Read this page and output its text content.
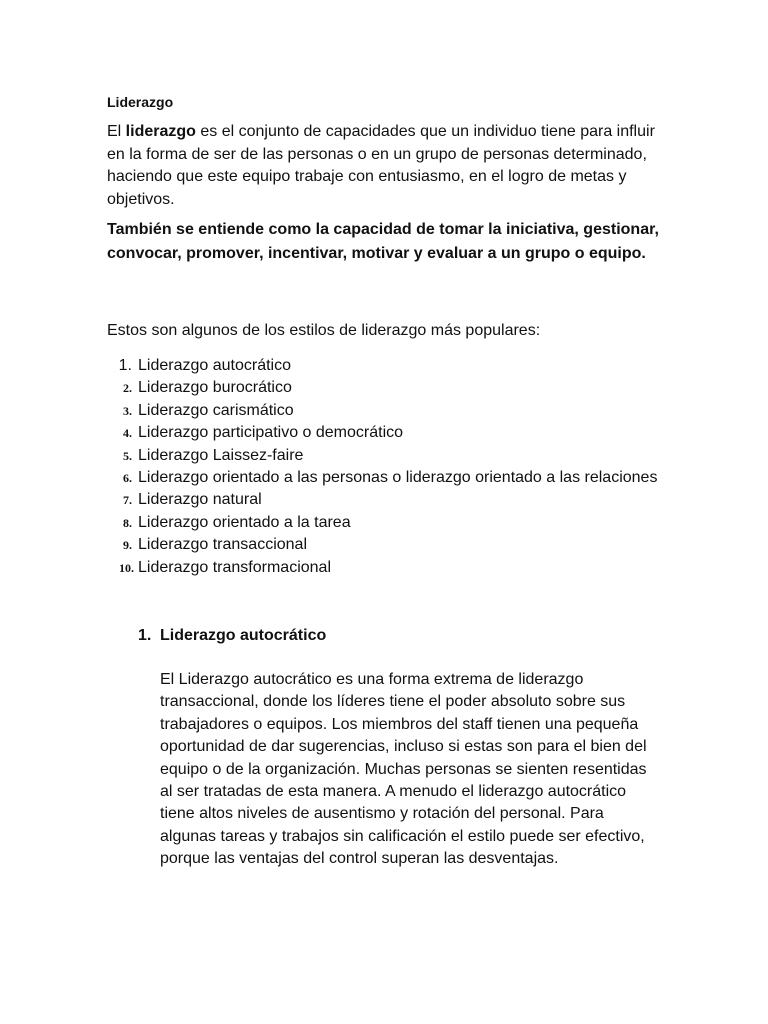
Liderazgo

El liderazgo es el conjunto de capacidades que un individuo tiene para influir en la forma de ser de las personas o en un grupo de personas determinado, haciendo que este equipo trabaje con entusiasmo, en el logro de metas y objetivos.

También se entiende como la capacidad de tomar la iniciativa, gestionar, convocar, promover, incentivar, motivar y evaluar a un grupo o equipo.

Estos son algunos de los estilos de liderazgo más populares:

1. Liderazgo autocrático
2. Liderazgo burocrático
3. Liderazgo carismático
4. Liderazgo participativo o democrático
5. Liderazgo Laissez-faire
6. Liderazgo orientado a las personas o liderazgo orientado a las relaciones
7. Liderazgo natural
8. Liderazgo orientado a la tarea
9. Liderazgo transaccional
10. Liderazgo transformacional
1. Liderazgo autocrático

El Liderazgo autocrático es una forma extrema de liderazgo transaccional, donde los líderes tiene el poder absoluto sobre sus trabajadores o equipos. Los miembros del staff tienen una pequeña oportunidad de dar sugerencias, incluso si estas son para el bien del equipo o de la organización. Muchas personas se sienten resentidas al ser tratadas de esta manera. A menudo el liderazgo autocrático tiene altos niveles de ausentismo y rotación del personal. Para algunas tareas y trabajos sin calificación el estilo puede ser efectivo, porque las ventajas del control superan las desventajas.
